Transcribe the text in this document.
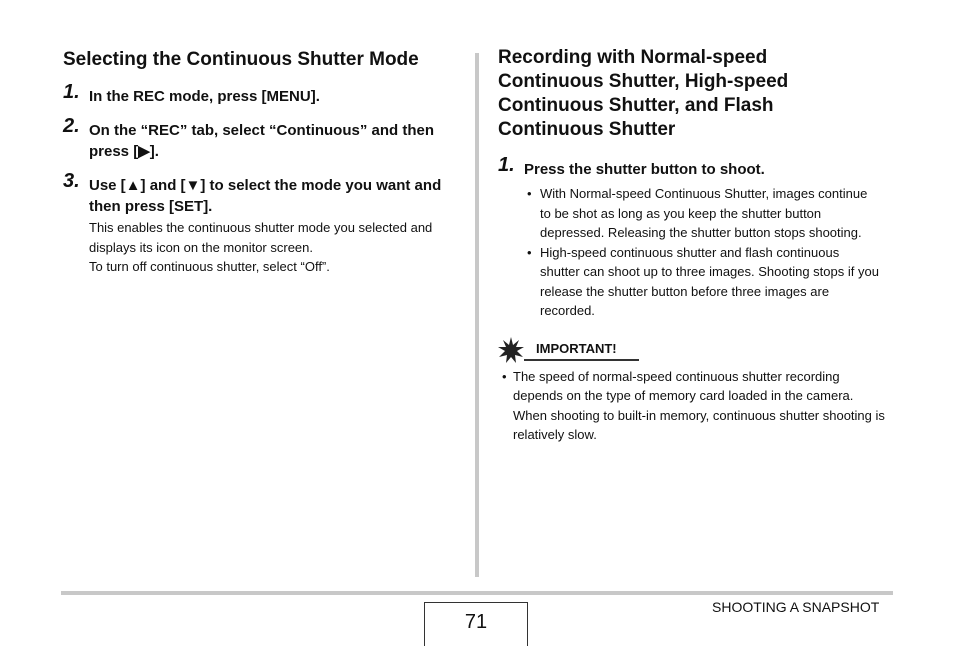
Selecting the Continuous Shutter Mode
1. In the REC mode, press [MENU].
2. On the “REC” tab, select “Continuous” and then press [▶].
3. Use [▲] and [▼] to select the mode you want and then press [SET].
This enables the continuous shutter mode you selected and displays its icon on the monitor screen.
To turn off continuous shutter, select “Off”.
Recording with Normal-speed Continuous Shutter, High-speed Continuous Shutter, and Flash Continuous Shutter
1. Press the shutter button to shoot.
• With Normal-speed Continuous Shutter, images continue to be shot as long as you keep the shutter button depressed. Releasing the shutter button stops shooting.
• High-speed continuous shutter and flash continuous shutter can shoot up to three images. Shooting stops if you release the shutter button before three images are recorded.
IMPORTANT!
• The speed of normal-speed continuous shutter recording depends on the type of memory card loaded in the camera. When shooting to built-in memory, continuous shutter shooting is relatively slow.
71
SHOOTING A SNAPSHOT
